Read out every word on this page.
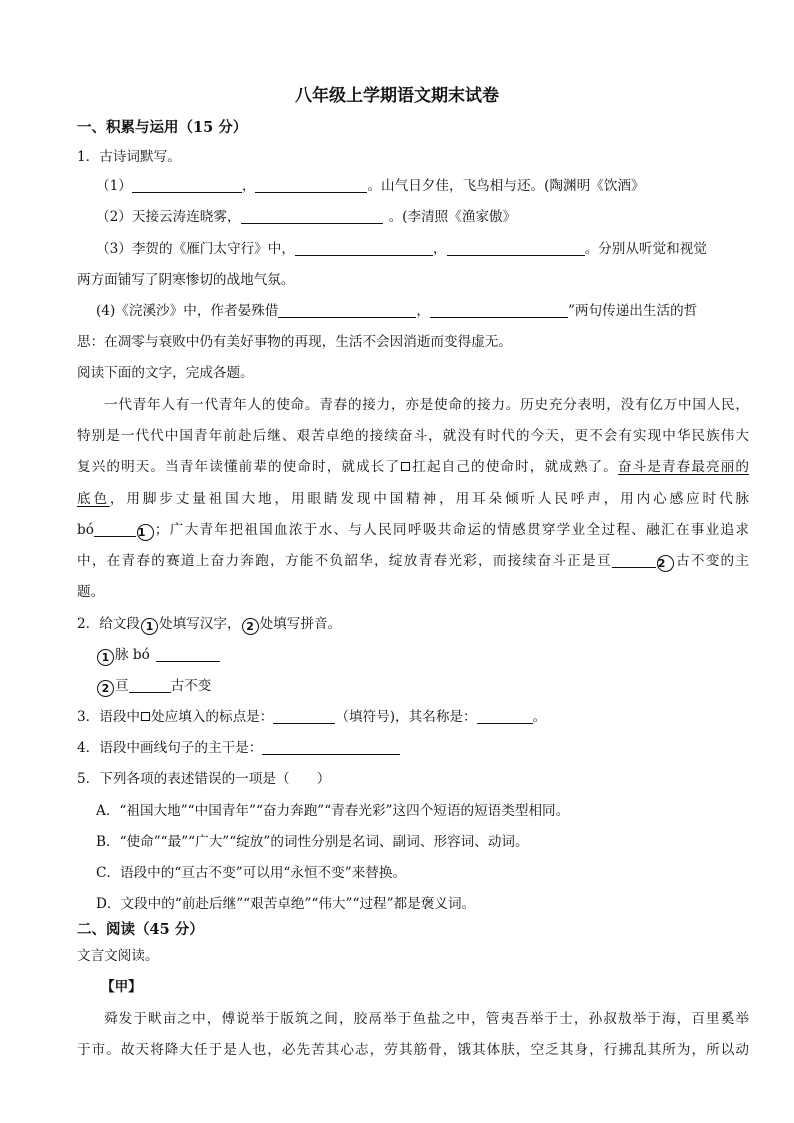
八年级上学期语文期末试卷
一、积累与运用（15 分）
1．古诗词默写。
（1）	，	。山气日夕佳，飞鸟相与还。(陶渊明《饮酒》
（2）天接云涛连晓雾，	。(李清照《渔家傲》
（3）李贺的《雁门太守行》中，	，	。分别从听觉和视觉
两方面铺写了阴寒惨切的战地气氛。
(4)《浣溪沙》中，作者晏殊借	，	”两句传递出生活的哲
思：在凋零与衰败中仍有美好事物的再现，生活不会因消逝而变得虚无。
阅读下面的文字，完成各题。
一代青年人有一代青年人的使命。青春的接力，亦是使命的接力。历史充分表明，没有亿万中国人民，
特别是一代代中国青年前赴后继、艰苦卓绝的接续奋斗，就没有时代的今天，更不会有实现中华民族伟大
复兴的明天。当青年读懂前辈的使命时，就成长了 扛起自己的使命时，就成熟了。奋斗是青春最亮丽的
底色，用脚步丈量祖国大地，用眼睛发现中国精神，用耳朵倾听人民呼声，用内心感应时代脉
bó	1 ；广大青年把祖国血浓于水、与人民同呼吸共命运的情感贯穿学业全过程、融汇在事业追求
中，在青春的赛道上奋力奔跑，方能不负韶华，绽放青春光彩，而接续奋斗正是亘	2 古不变的主
题。
2．给文段 1 处填写汉字， 2 处填写拼音。
1 脉 bó
2 亘	古不变
3．语段中 处应填入的标点是：	（填符号)，其名称是：	。
4．语段中画线句子的主干是：
5．下列各项的表述错误的一项是（　　）
A．“祖国大地”“中国青年”“奋力奔跑”“青春光彩”这四个短语的短语类型相同。
B．“使命”“最”“广大”“绽放”的词性分别是名词、副词、形容词、动词。
C．语段中的“亘古不变”可以用“永恒不变”来替换。
D．文段中的“前赴后继”“艰苦卓绝”“伟大”“过程”都是褒义词。
二、阅读（45 分）
文言文阅读。
【甲】
舜发于畎亩之中，傅说举于版筑之间，胶鬲举于鱼盐之中，管夷吾举于士，孙叔敖举于海，百里奚举
于市。故天将降大任于是人也，必先苦其心志，劳其筋骨，饿其体肤，空乏其身，行拂乱其所为，所以动
